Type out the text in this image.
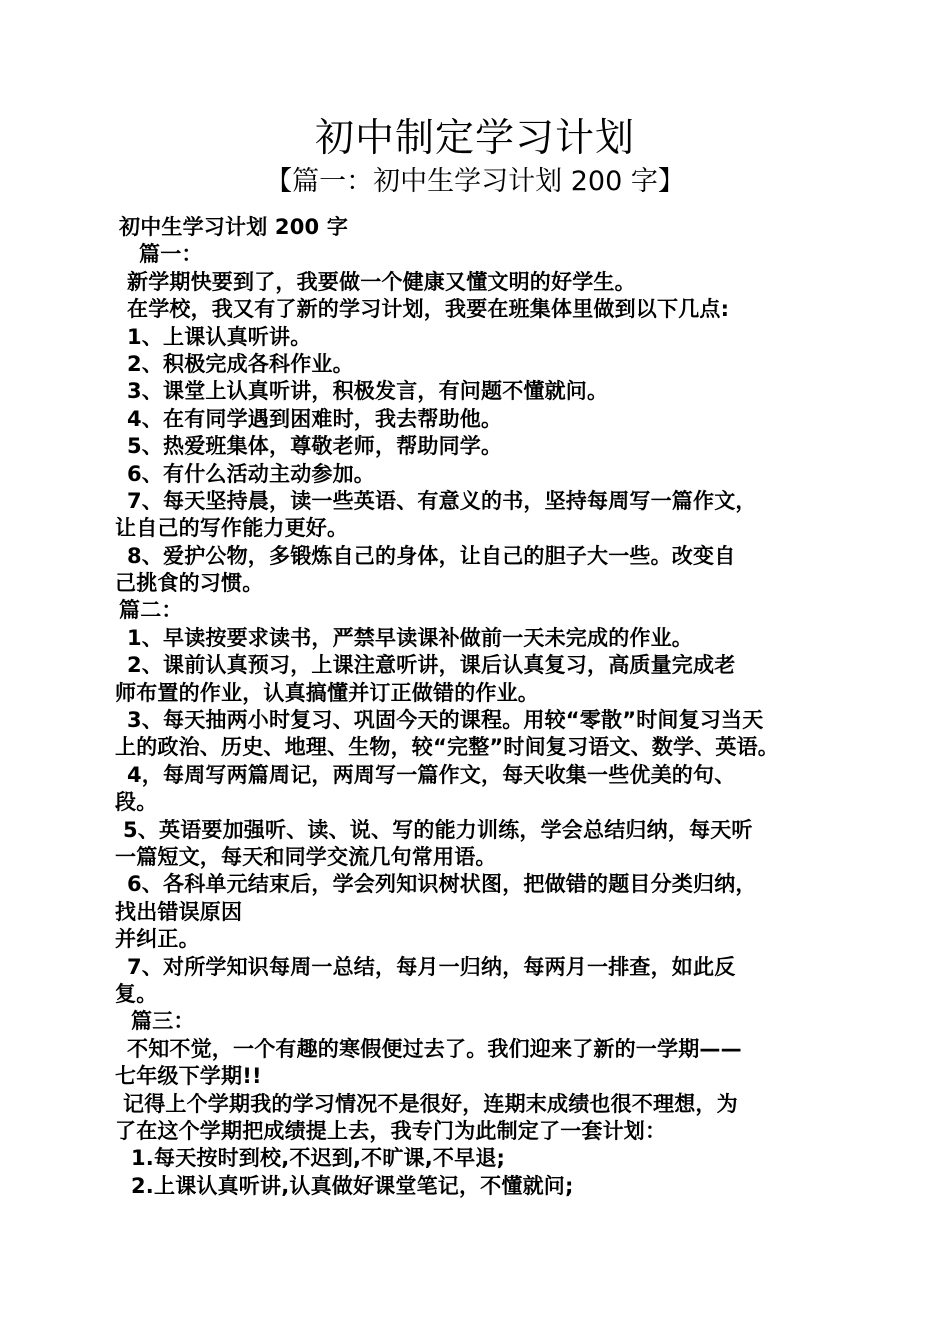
初中制定学习计划
【篇一：初中生学习计划 200 字】
初中生学习计划 200 字
篇一：
新学期快要到了，我要做一个健康又懂文明的好学生。
在学校，我又有了新的学习计划，我要在班集体里做到以下几点:
1、上课认真听讲。
2、积极完成各科作业。
3、课堂上认真听讲，积极发言，有问题不懂就问。
4、在有同学遇到困难时，我去帮助他。
5、热爱班集体，尊敬老师，帮助同学。
6、有什么活动主动参加。
7、每天坚持晨，读一些英语、有意义的书，坚持每周写一篇作文，
让自己的写作能力更好。
8、爱护公物，多锻炼自己的身体，让自己的胆子大一些。改变自
己挑食的习惯。
篇二：
1、早读按要求读书，严禁早读课补做前一天未完成的作业。
2、课前认真预习，上课注意听讲，课后认真复习，高质量完成老
师布置的作业，认真搞懂并订正做错的作业。
3、每天抽两小时复习、巩固今天的课程。用较“零散”时间复习当天
上的政治、历史、地理、生物，较“完整”时间复习语文、数学、英语。
4，每周写两篇周记，两周写一篇作文，每天收集一些优美的句、
段。
5、英语要加强听、读、说、写的能力训练，学会总结归纳，每天听
一篇短文，每天和同学交流几句常用语。
6、各科单元结束后，学会列知识树状图，把做错的题目分类归纳，
找出错误原因
并纠正。
7、对所学知识每周一总结，每月一归纳，每两月一排查，如此反
复。
篇三：
不知不觉，一个有趣的寒假便过去了。我们迎来了新的一学期——
七年级下学期!!
记得上个学期我的学习情况不是很好，连期末成绩也很不理想，为
了在这个学期把成绩提上去，我专门为此制定了一套计划：
1.每天按时到校,不迟到,不旷课,不早退;
2.上课认真听讲,认真做好课堂笔记，不懂就问;
